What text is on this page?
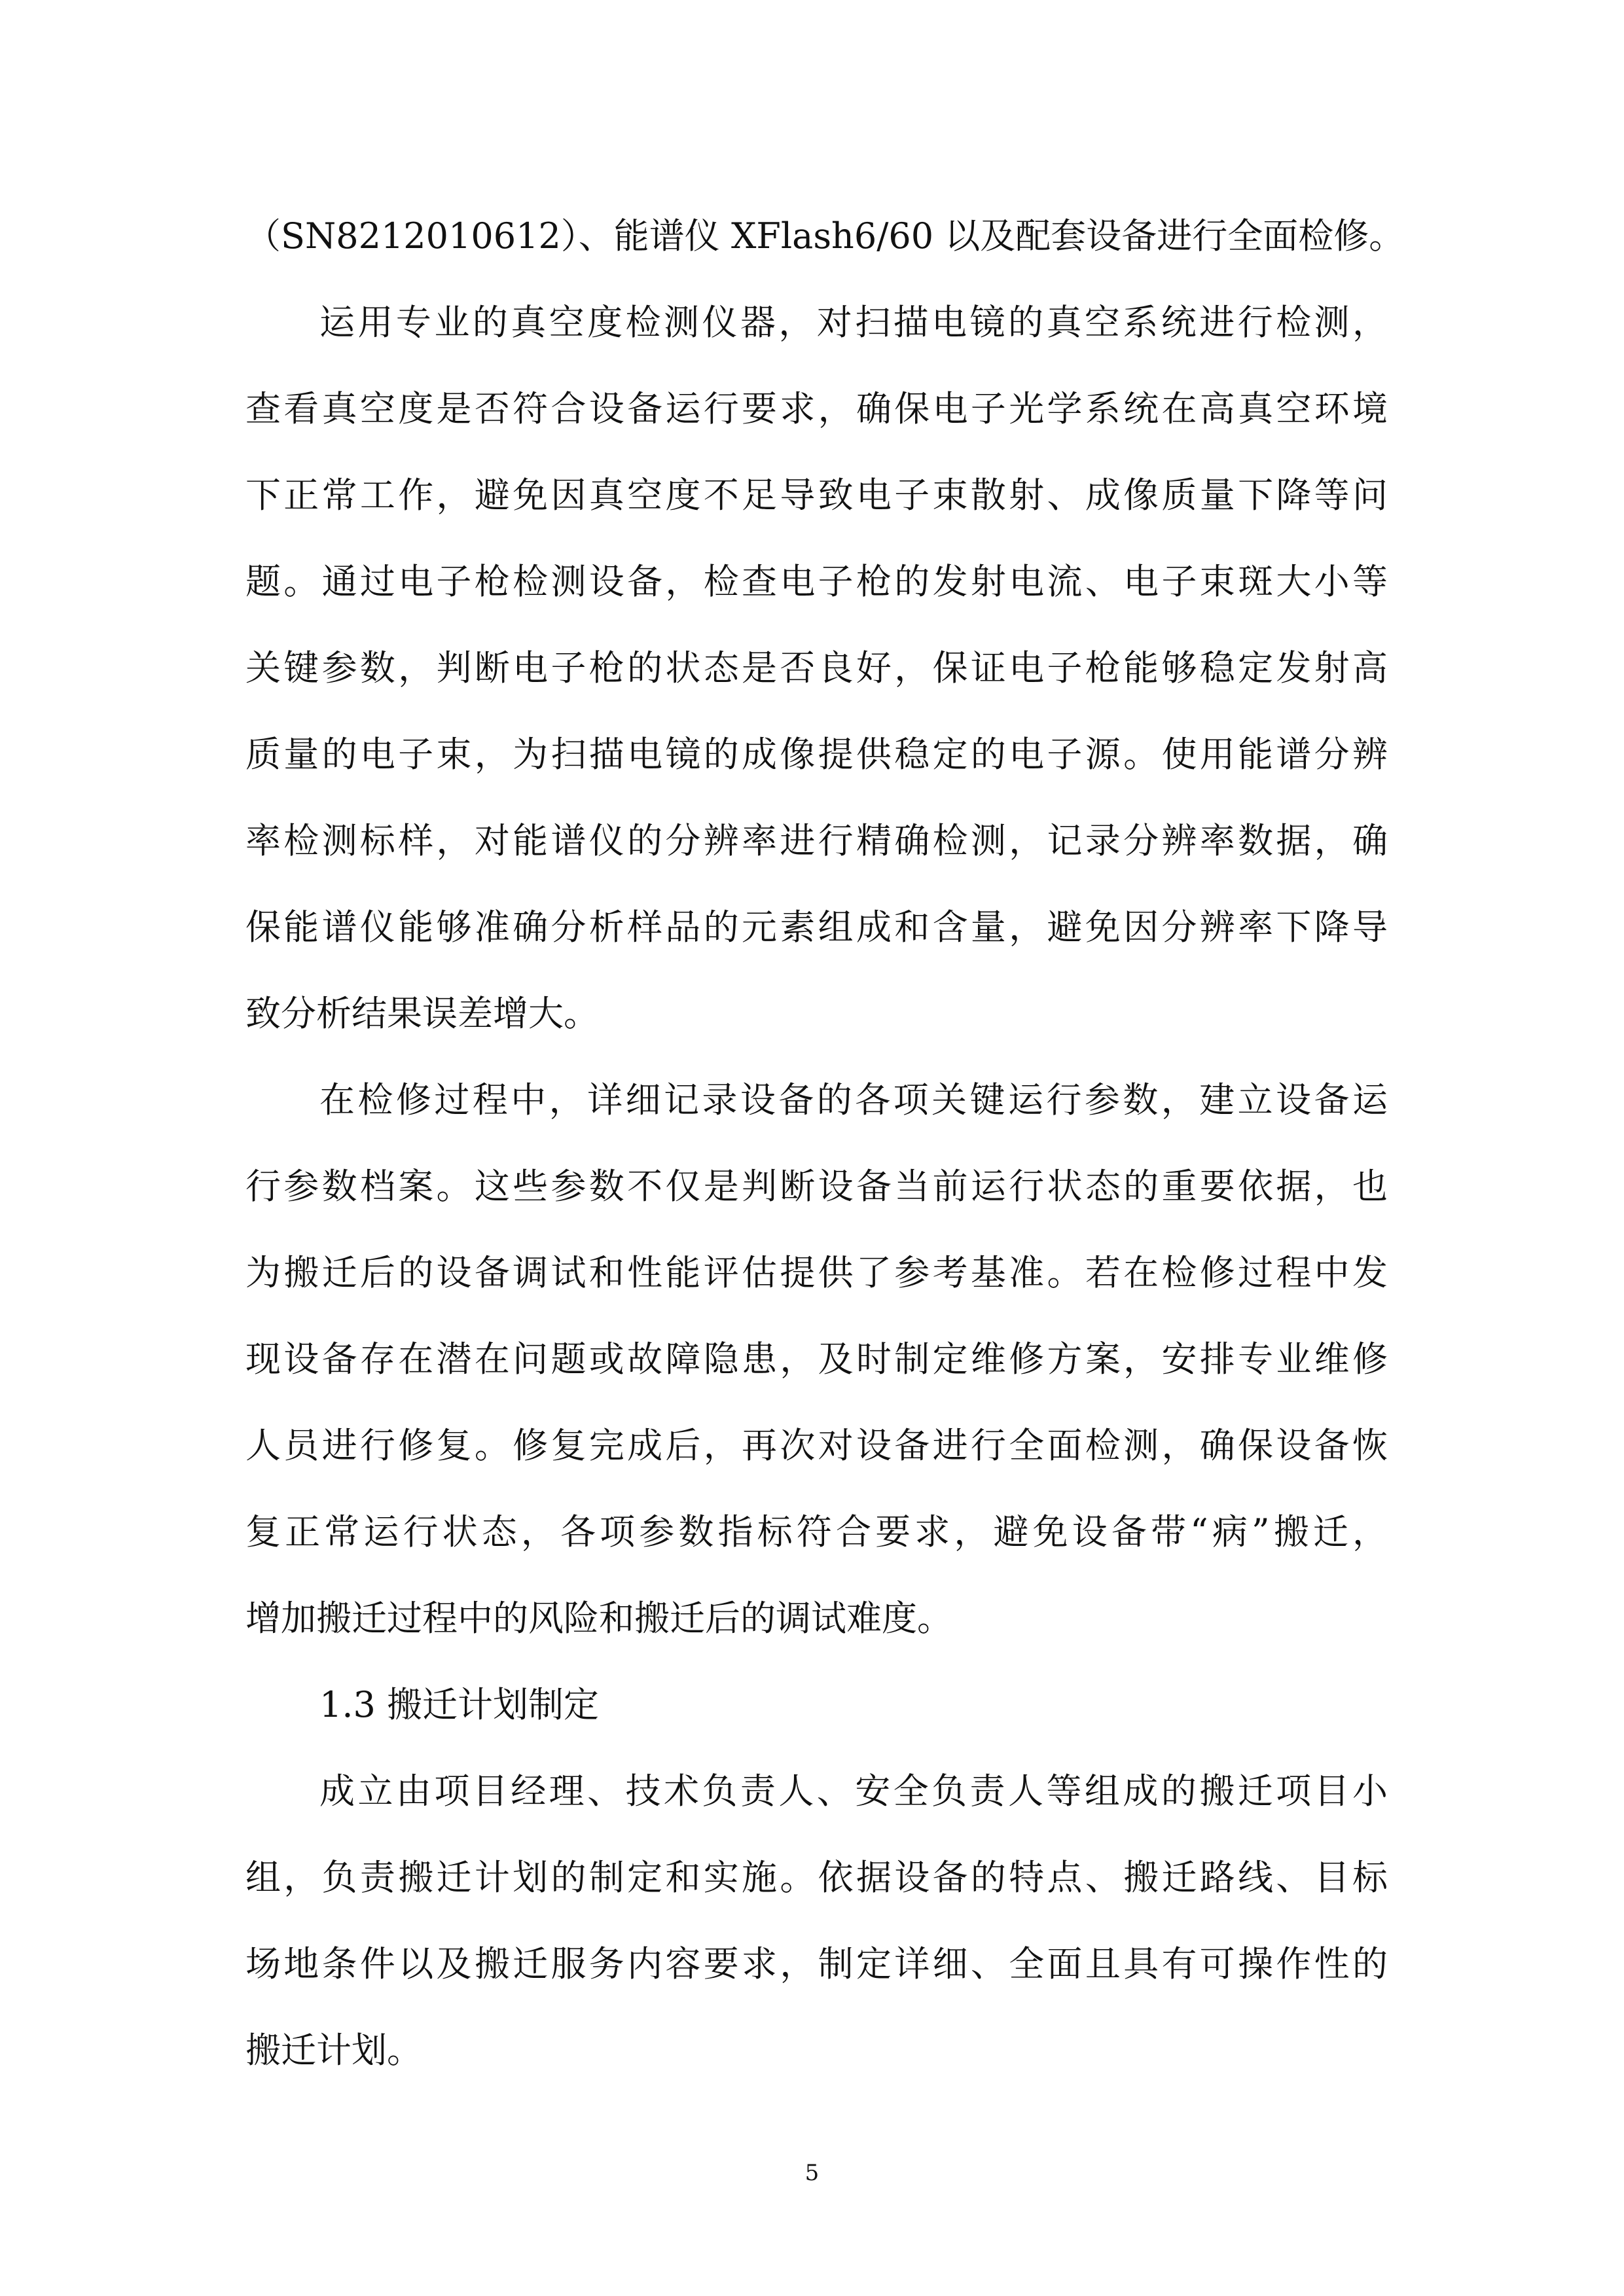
（SN8212010612）、能谱仪 XFlash6/60 以及配套设备进行全面检修。
运用专业的真空度检测仪器，对扫描电镜的真空系统进行检测，
查看真空度是否符合设备运行要求，确保电子光学系统在高真空环境
下正常工作，避免因真空度不足导致电子束散射、成像质量下降等问
题。通过电子枪检测设备，检查电子枪的发射电流、电子束斑大小等
关键参数，判断电子枪的状态是否良好，保证电子枪能够稳定发射高
质量的电子束，为扫描电镜的成像提供稳定的电子源。使用能谱分辨
率检测标样，对能谱仪的分辨率进行精确检测，记录分辨率数据，确
保能谱仪能够准确分析样品的元素组成和含量，避免因分辨率下降导
致分析结果误差增大。
在检修过程中，详细记录设备的各项关键运行参数，建立设备运
行参数档案。这些参数不仅是判断设备当前运行状态的重要依据，也
为搬迁后的设备调试和性能评估提供了参考基准。若在检修过程中发
现设备存在潜在问题或故障隐患，及时制定维修方案，安排专业维修
人员进行修复。修复完成后，再次对设备进行全面检测，确保设备恢
复正常运行状态，各项参数指标符合要求，避免设备带“病”搬迁，
增加搬迁过程中的风险和搬迁后的调试难度。
1.3 搬迁计划制定
成立由项目经理、技术负责人、安全负责人等组成的搬迁项目小
组，负责搬迁计划的制定和实施。依据设备的特点、搬迁路线、目标
场地条件以及搬迁服务内容要求，制定详细、全面且具有可操作性的
搬迁计划。
5
